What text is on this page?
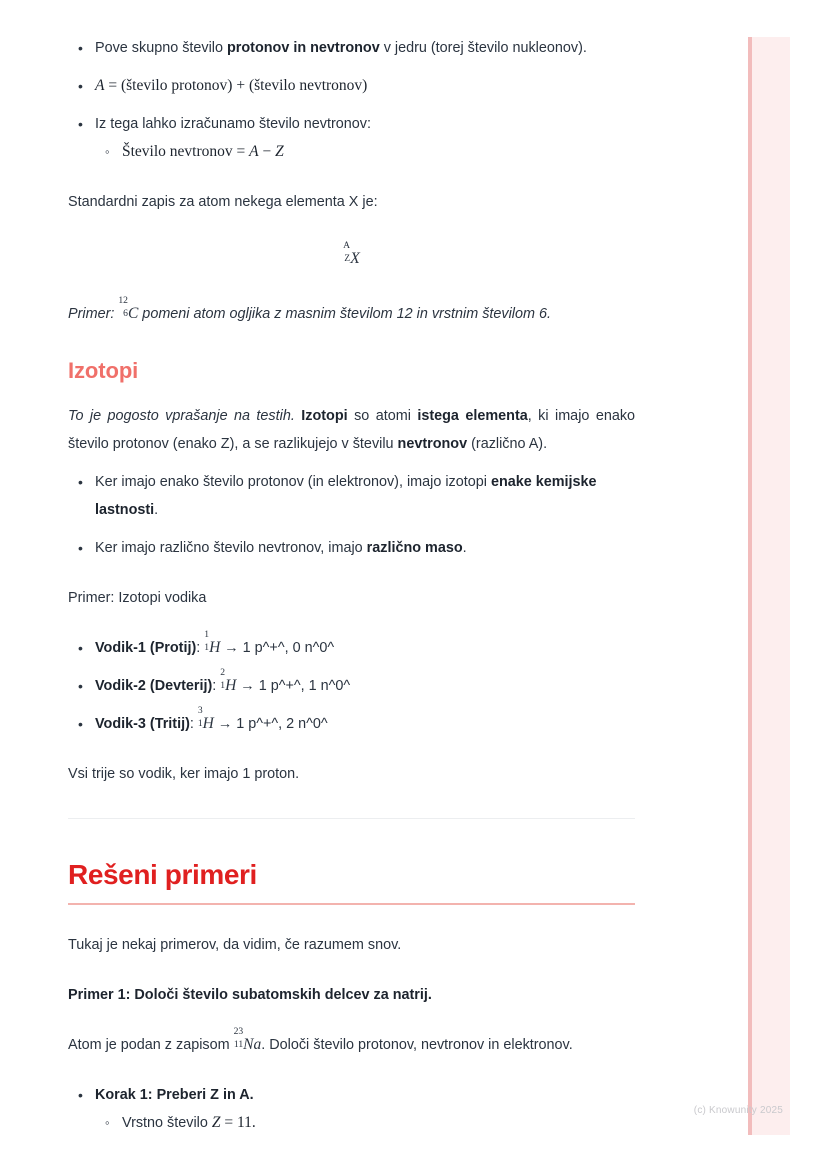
(c) Knowunity 2025
• Pove skupno število protonov in nevtronov v jedru (torej število nukleonov).
• A = (število protonov) + (število nevtronov)
• Iz tega lahko izračunamo število nevtronov:
◦ Število nevtronov = A − Z

Standardni zapis za atom nekega elementa X je:

A
Z X

Primer:
12
6 C pomeni atom ogljika z masnim številom 12 in vrstnim številom 6.

Izotopi

To je pogosto vprašanje na testih. Izotopi so atomi istega elementa, ki imajo enako število protonov (enako Z), a se razlikujejo v številu nevtronov (različno A).

• Ker imajo enako število protonov (in elektronov), imajo izotopi enake kemijske lastnosti.
• Ker imajo različno število nevtronov, imajo različno maso.

Primer: Izotopi vodika

• Vodik-1 (Protij):
1
1 H → 1 p^+^, 0 n^0^
• Vodik-2 (Devterij):
2
1 H → 1 p^+^, 1 n^0^
• Vodik-3 (Tritij):
3
1 H → 1 p^+^, 2 n^0^

Vsi trije so vodik, ker imajo 1 proton.

Rešeni primeri

Tukaj je nekaj primerov, da vidim, če razumem snov.

Primer 1: Določi število subatomskih delcev za natrij.

Atom je podan z zapisom
23
11 Na. Določi število protonov, nevtronov in elektronov.

• Korak 1: Preberi Z in A.
◦ Vrstno število Z = 11.
